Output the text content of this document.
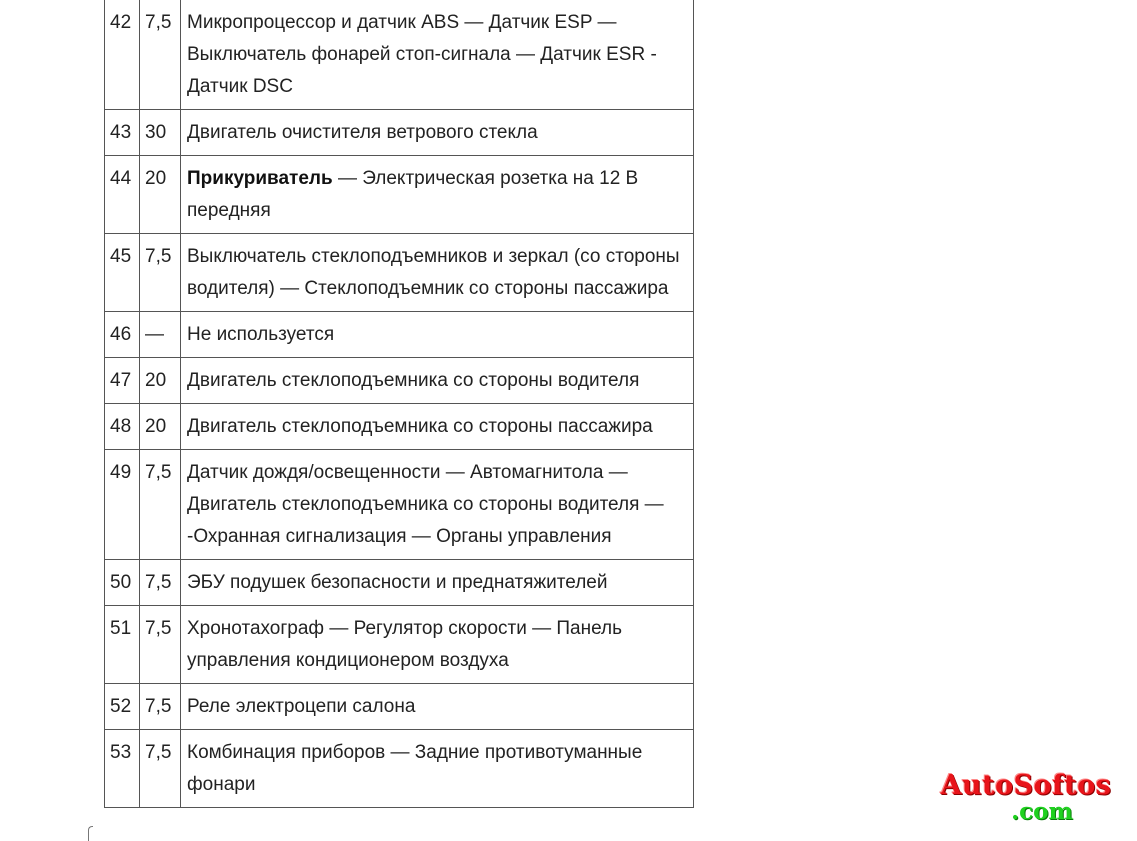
42	7,5	Микропроцессор и датчик ABS — Датчик ESP — Выключатель фонарей стоп-сигнала — Датчик ESR - Датчик DSC
43	30	Двигатель очистителя ветрового стекла
44	20	Прикуриватель — Электрическая розетка на 12 В передняя
45	7,5	Выключатель стеклоподъемников и зеркал (со стороны водителя) — Стеклоподъемник со стороны пассажира
46	—	Не используется
47	20	Двигатель стеклоподъемника со стороны водителя
48	20	Двигатель стеклоподъемника со стороны пассажира
49	7,5	Датчик дождя/освещенности — Автомагнитола — Двигатель стеклоподъемника со стороны водителя — -Охранная сигнализация — Органы управления
50	7,5	ЭБУ подушек безопасности и преднатяжителей
51	7,5	Хронотахограф — Регулятор скорости — Панель управления кондиционером воздуха
52	7,5	Реле электроцепи салона
53	7,5	Комбинация приборов — Задние противотуманные фонари	AutoSoftos
.com
